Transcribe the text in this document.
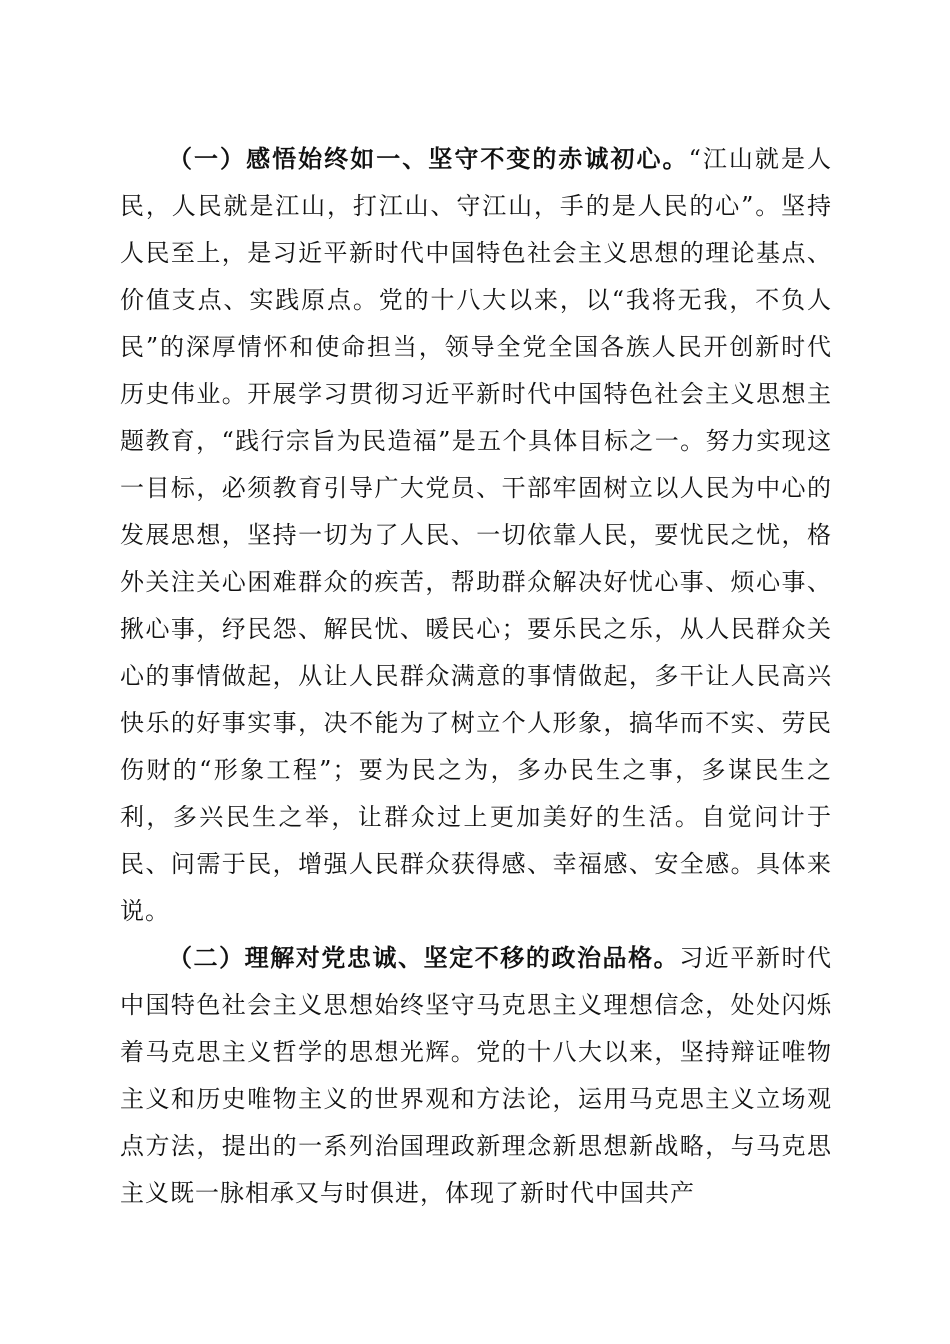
（一）感悟始终如一、坚守不变的赤诚初心。“江山就是人民，人民就是江山，打江山、守江山，手的是人民的心”。坚持人民至上，是习近平新时代中国特色社会主义思想的理论基点、价值支点、实践原点。党的十八大以来，以“我将无我，不负人民”的深厚情怀和使命担当，领导全党全国各族人民开创新时代历史伟业。开展学习贯彻习近平新时代中国特色社会主义思想主题教育，“践行宗旨为民造福”是五个具体目标之一。努力实现这一目标，必须教育引导广大党员、干部牢固树立以人民为中心的发展思想，坚持一切为了人民、一切依靠人民，要忧民之忧，格外关注关心困难群众的疾苦，帮助群众解决好忧心事、烦心事、揪心事，纾民怨、解民忧、暖民心；要乐民之乐，从人民群众关心的事情做起，从让人民群众满意的事情做起，多干让人民高兴快乐的好事实事，决不能为了树立个人形象，搞华而不实、劳民伤财的“形象工程”；要为民之为，多办民生之事，多谋民生之利，多兴民生之举，让群众过上更加美好的生活。自觉问计于民、问需于民，增强人民群众获得感、幸福感、安全感。具体来说。

（二）理解对党忠诚、坚定不移的政治品格。习近平新时代中国特色社会主义思想始终坚守马克思主义理想信念，处处闪烁着马克思主义哲学的思想光辉。党的十八大以来，坚持辩证唯物主义和历史唯物主义的世界观和方法论，运用马克思主义立场观点方法，提出的一系列治国理政新理念新思想新战略，与马克思主义既一脉相承又与时俱进，体现了新时代中国共产
